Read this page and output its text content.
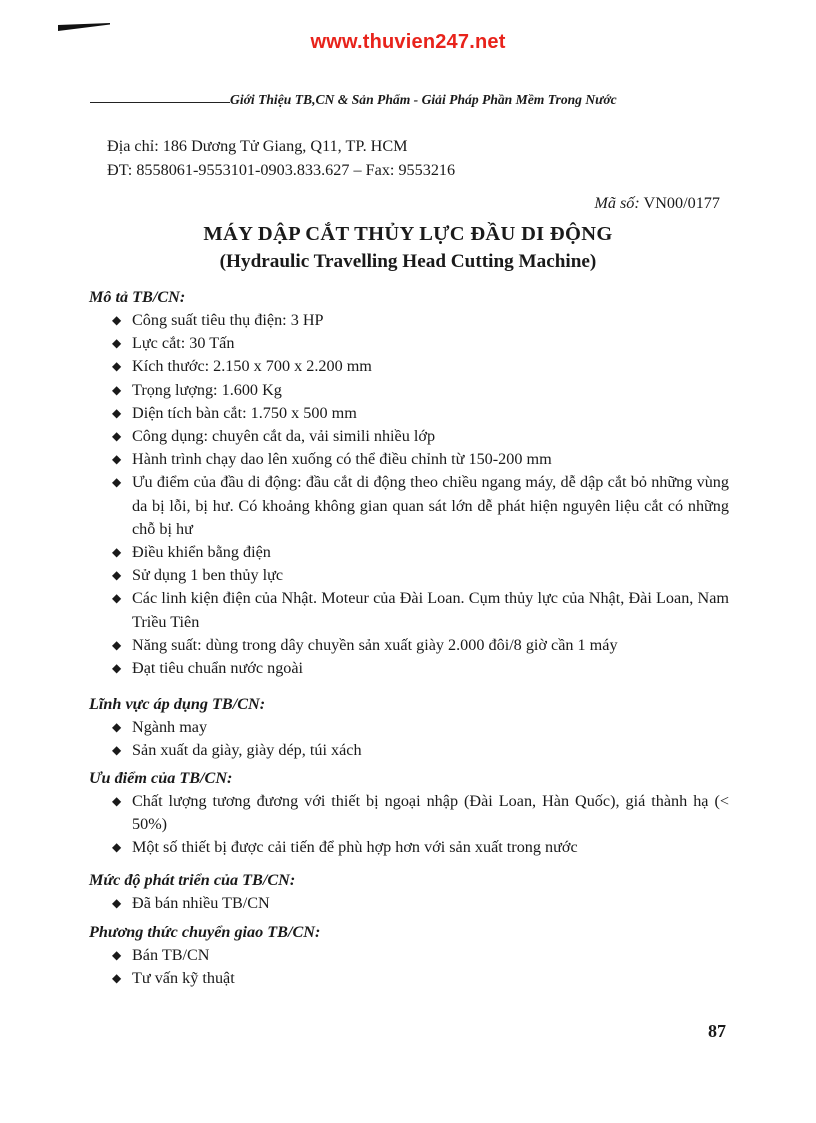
www.thuvien247.net
Giới Thiệu TB,CN & Sản Phẩm - Giải Pháp Phần Mềm Trong Nước
Địa chỉ: 186 Dương Tử Giang, Q11, TP. HCM
ĐT: 8558061-9553101-0903.833.627 – Fax: 9553216
Mã số: VN00/0177
MÁY DẬP CẮT THỦY LỰC ĐẦU DI ĐỘNG
(Hydraulic Travelling Head Cutting Machine)
Mô tả TB/CN:
◆ Công suất tiêu thụ điện: 3 HP
◆ Lực cắt: 30 Tấn
◆ Kích thước: 2.150 x 700 x 2.200 mm
◆ Trọng lượng: 1.600 Kg
◆ Diện tích bàn cắt: 1.750 x 500 mm
◆ Công dụng: chuyên cắt da, vải simili nhiều lớp
◆ Hành trình chạy dao lên xuống có thể điều chỉnh từ 150-200 mm
◆ Ưu điểm của đầu di động: đầu cắt di động theo chiều ngang máy, dễ dập cắt bỏ những vùng da bị lỗi, bị hư. Có khoảng không gian quan sát lớn dễ phát hiện nguyên liệu cắt có những chỗ bị hư
◆ Điều khiển bằng điện
◆ Sử dụng 1 ben thủy lực
◆ Các linh kiện điện của Nhật. Moteur của Đài Loan. Cụm thủy lực của Nhật, Đài Loan, Nam Triều Tiên
◆ Năng suất: dùng trong dây chuyền sản xuất giày 2.000 đôi/8 giờ cần 1 máy
◆ Đạt tiêu chuẩn nước ngoài
Lĩnh vực áp dụng TB/CN:
◆ Ngành may
◆ Sản xuất da giày, giày dép, túi xách
Ưu điểm của TB/CN:
◆ Chất lượng tương đương với thiết bị ngoại nhập (Đài Loan, Hàn Quốc), giá thành hạ (< 50%)
◆ Một số thiết bị được cải tiến để phù hợp hơn với sản xuất trong nước
Mức độ phát triển của TB/CN:
◆ Đã bán nhiều TB/CN
Phương thức chuyển giao TB/CN:
◆ Bán TB/CN
◆ Tư vấn kỹ thuật
87
